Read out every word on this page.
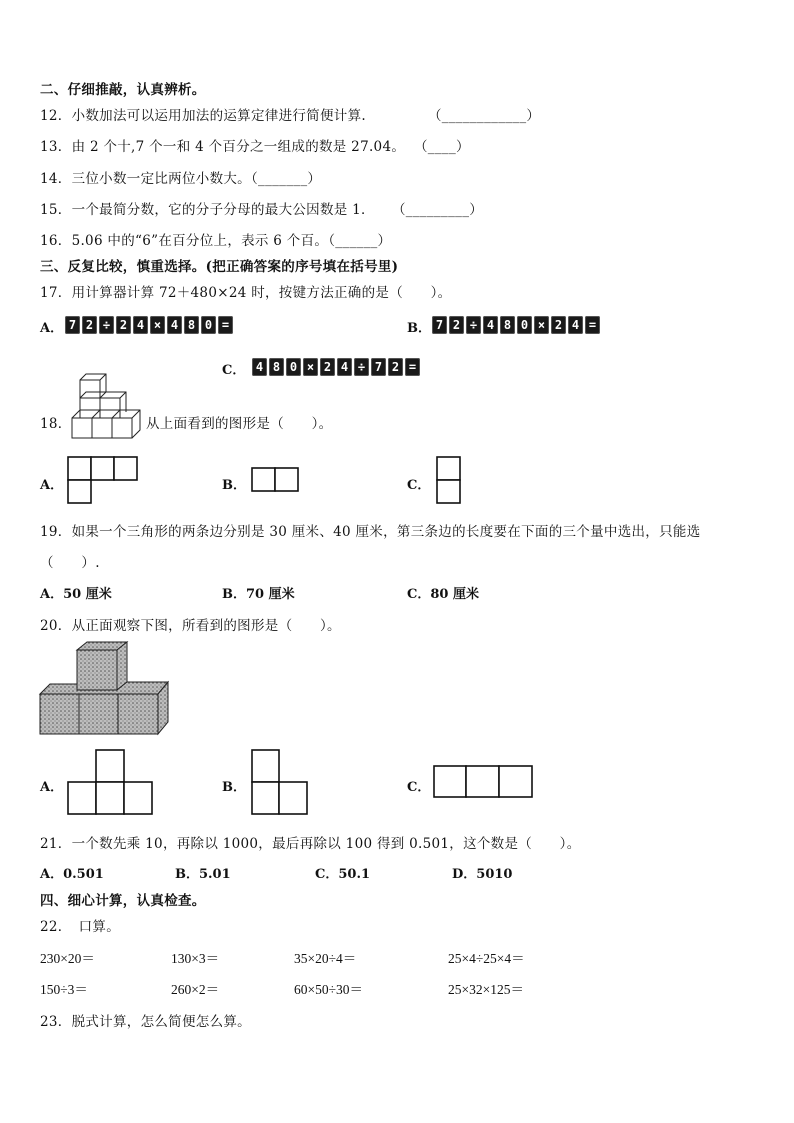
二、仔细推敲，认真辨析。
12．小数加法可以运用加法的运算定律进行简便计算.	（____________）
13．由 2 个十,7 个一和 4 个百分之一组成的数是 27.04。 （____）
14．三位小数一定比两位小数大。（_______）
15．一个最简分数，它的分子分母的最大公因数是 1． （_________）
16．5.06 中的“6”在百分位上，表示 6 个百。（______）
三、反复比较，慎重选择。(把正确答案的序号填在括号里)
17．用计算器计算 72＋480×24 时，按键方法正确的是（　　）。
A． 7 2 ÷ 2 4 × 4 8 0 =	B． 7 2 ÷ 4 8 0 × 2 4 =
C． 4 8 0 × 2 4 ÷ 7 2 =
18．	从上面看到的图形是（　　）。
A．	B．	C．
19．如果一个三角形的两条边分别是 30 厘米、40 厘米，第三条边的长度要在下面的三个量中选出，只能选
（　　）.
A．50 厘米	B．70 厘米	C．80 厘米
20．从正面观察下图，所看到的图形是（　　）。
A．	B．	C．
21．一个数先乘 10，再除以 1000，最后再除以 100 得到 0.501，这个数是（　　）。
A．0.501	B．5.01	C．50.1	D．5010
四、细心计算，认真检查。
22．　口算。
230×20＝	130×3＝	35×20÷4＝	25×4÷25×4＝
150÷3＝	260×2＝	60×50÷30＝	25×32×125＝
23．脱式计算，怎么简便怎么算。
